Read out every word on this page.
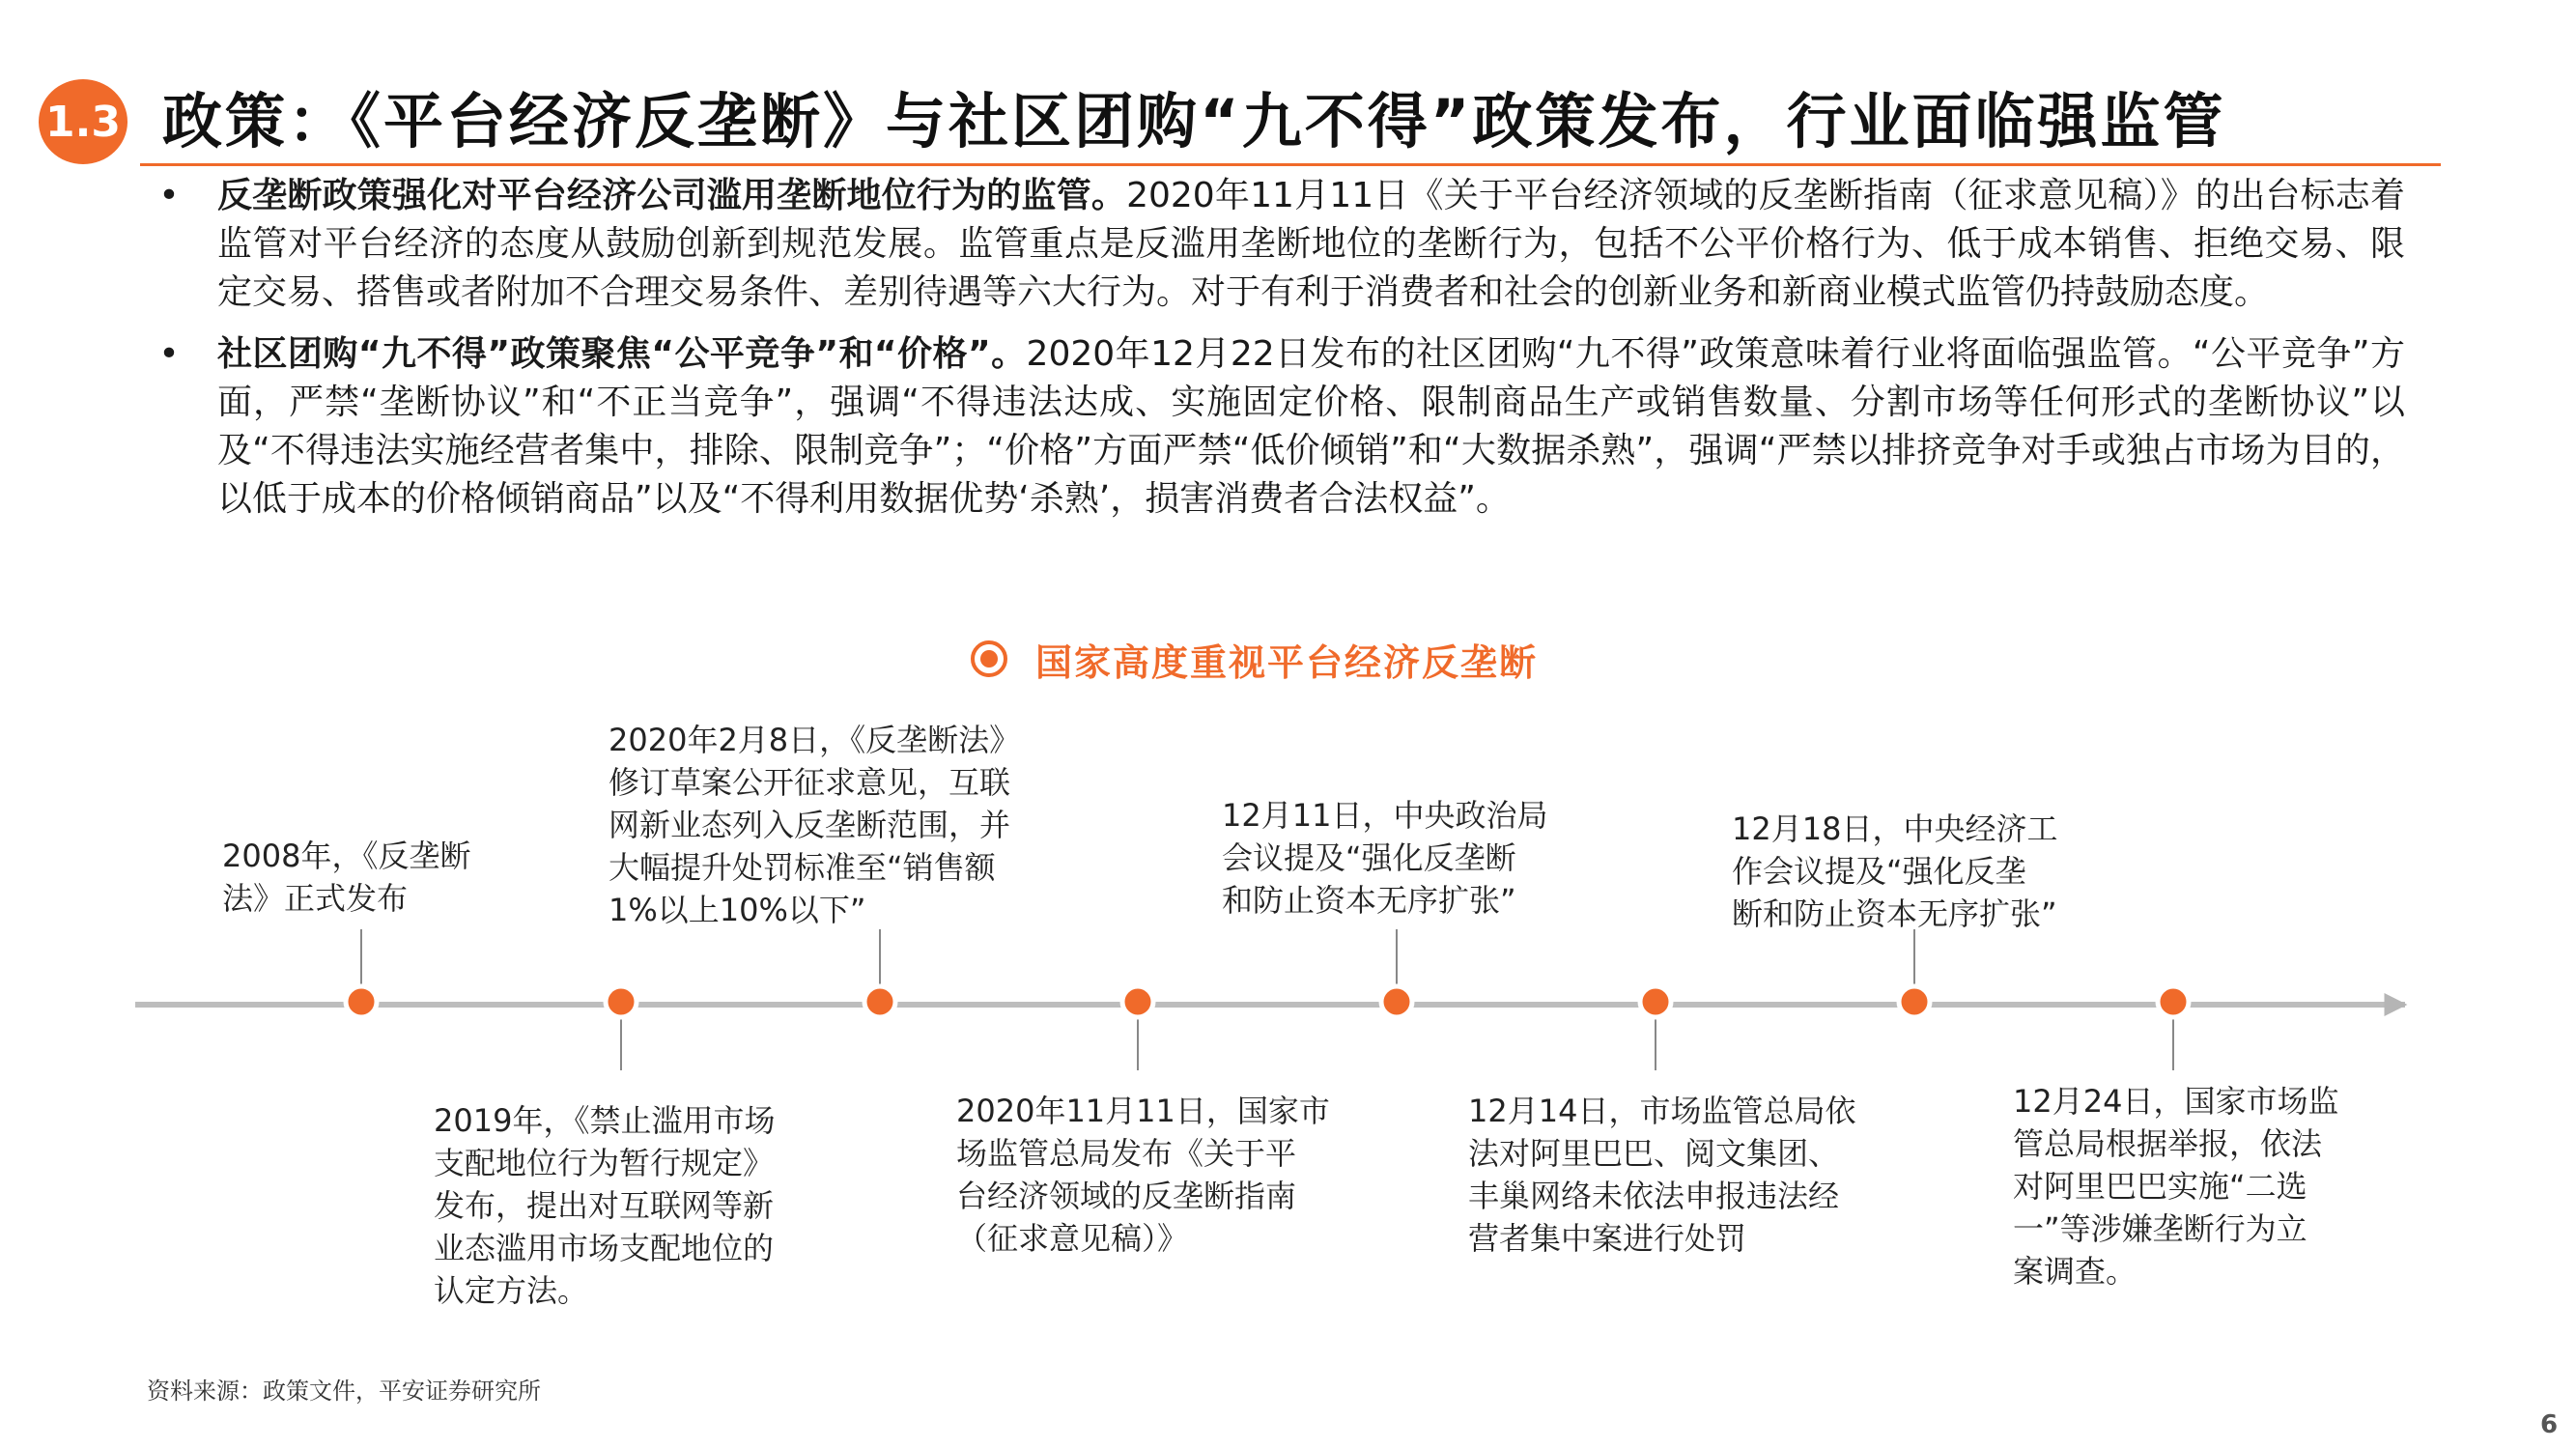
1.3 政策：《平台经济反垄断》与社区团购“九不得”政策发布，行业面临强监管
• 反垄断政策强化对平台经济公司滥用垄断地位行为的监管。2020年11月11日《关于平台经济领域的反垄断指南（征求意见稿）》的出台标志着监管对平台经济的态度从鼓励创新到规范发展。监管重点是反滥用垄断地位的垄断行为，包括不公平价格行为、低于成本销售、拒绝交易、限定交易、搭售或者附加不合理交易条件、差别待遇等六大行为。对于有利于消费者和社会的创新业务和新商业模式监管仍持鼓励态度。
• 社区团购“九不得”政策聚焦“公平竞争”和“价格”。2020年12月22日发布的社区团购“九不得”政策意味着行业将面临强监管。“公平竞争”方面，严禁“垄断协议”和“不正当竞争”，强调“不得违法达成、实施固定价格、限制商品生产或销售数量、分割市场等任何形式的垄断协议”以及“不得违法实施经营者集中，排除、限制竞争”；“价格”方面严禁“低价倾销”和“大数据杀熟”，强调“严禁以排挤竞争对手或独占市场为目的，以低于成本的价格倾销商品”以及“不得利用数据优势‘杀熟’，损害消费者合法权益”。
国家高度重视平台经济反垄断
2008年，《反垄断
法》正式发布
2019年，《禁止滥用市场
支配地位行为暂行规定》
发布，提出对互联网等新
业态滥用市场支配地位的
认定方法。
2020年2月8日，《反垄断法》
修订草案公开征求意见，互联
网新业态列入反垄断范围，并
大幅提升处罚标准至“销售额
1%以上10%以下”
2020年11月11日，国家市
场监管总局发布《关于平
台经济领域的反垄断指南
（征求意见稿）》
12月11日，中央政治局
会议提及“强化反垄断
和防止资本无序扩张”
12月14日，市场监管总局依
法对阿里巴巴、阅文集团、
丰巢网络未依法申报违法经
营者集中案进行处罚
12月18日，中央经济工
作会议提及“强化反垄
断和防止资本无序扩张”
12月24日，国家市场监
管总局根据举报，依法
对阿里巴巴实施“二选
一”等涉嫌垄断行为立
案调查。
资料来源：政策文件，平安证券研究所
6
